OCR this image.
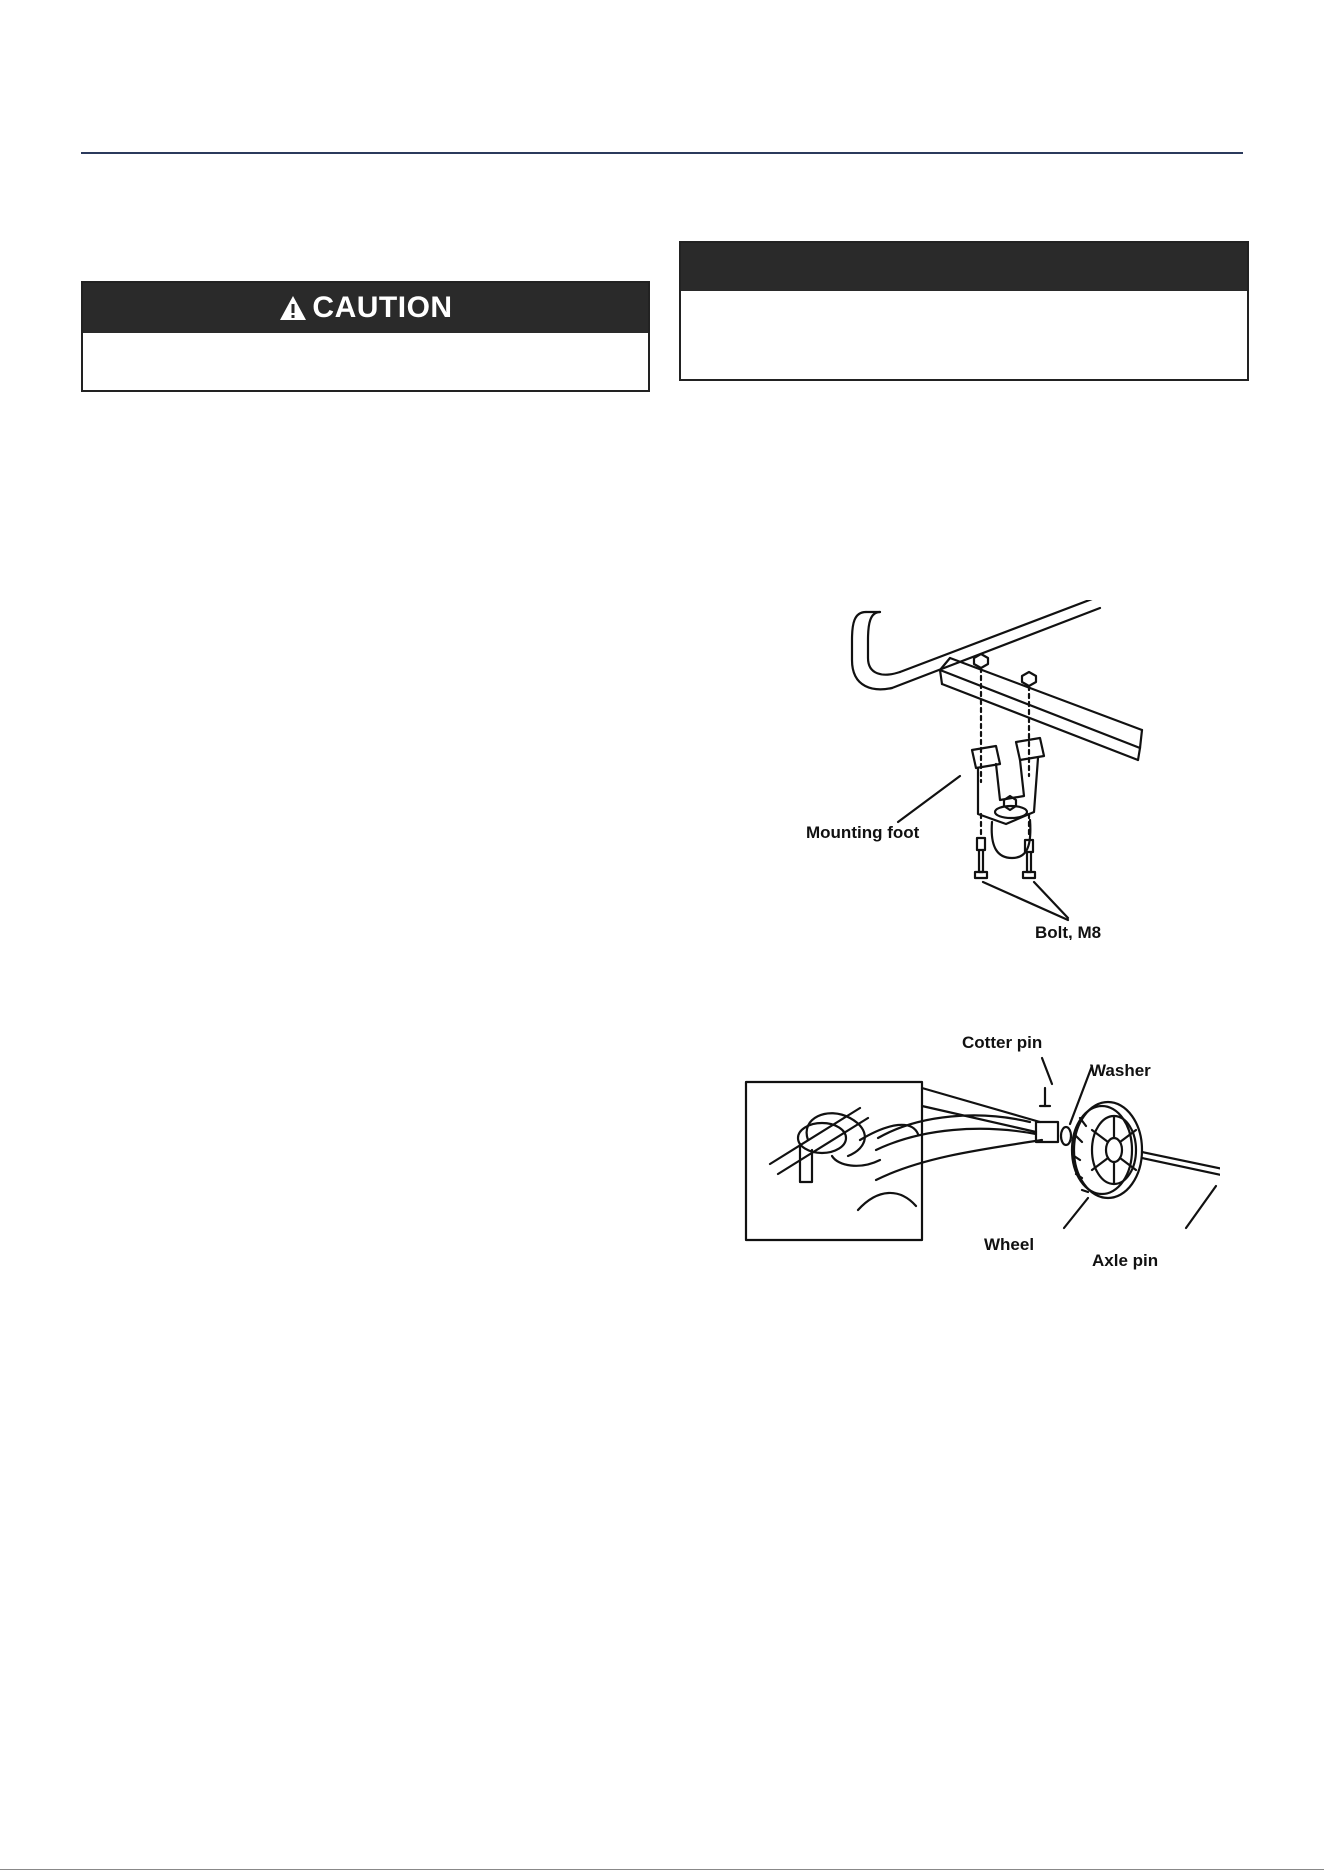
CAUTION
Mounting foot
Bolt, M8
Cotter pin
Washer
Wheel
Axle pin
